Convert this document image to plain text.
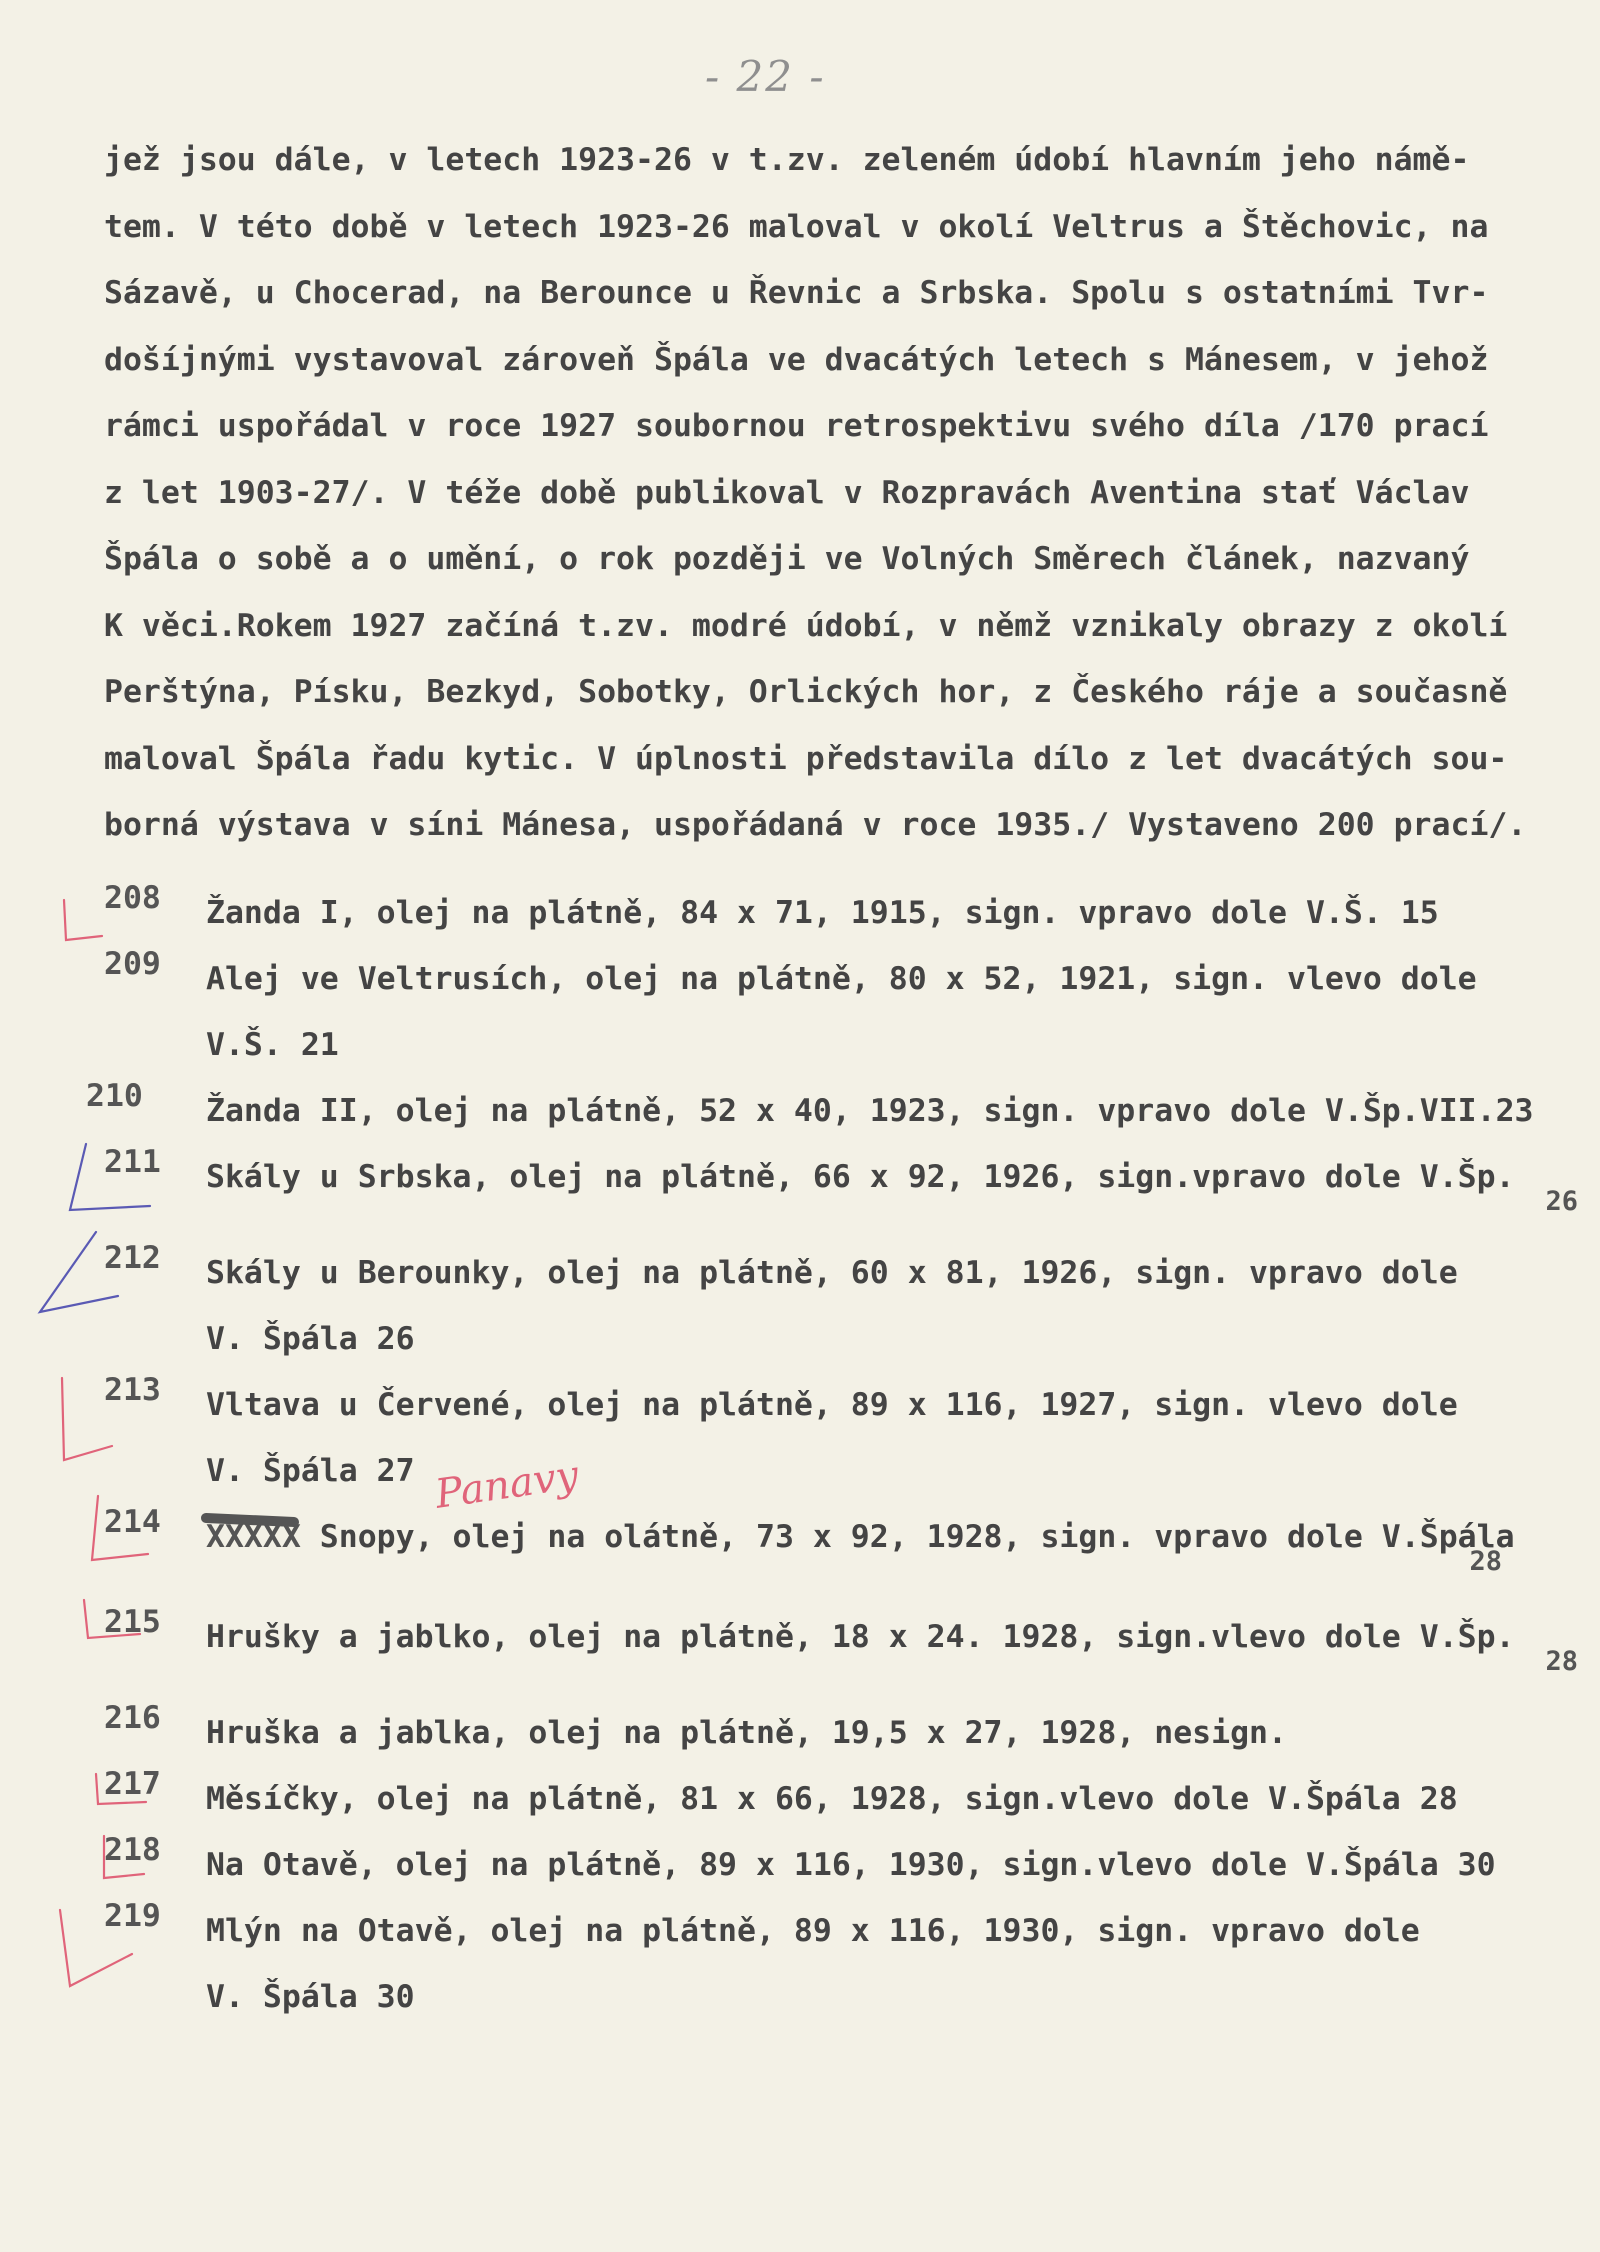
- 22 -
jež jsou dále, v letech 1923-26 v t.zv. zeleném údobí hlavním jeho námě-
tem. V této době v letech 1923-26 maloval v okolí Veltrus a Štěchovic, na
Sázavě, u Chocerad, na Berounce u Řevnic a Srbska. Spolu s ostatními Tvr-
došíjnými vystavoval zároveň Špála ve dvacátých letech s Mánesem, v jehož
rámci uspořádal v roce 1927 soubornou retrospektivu svého díla /170 prací
z let 1903-27/. V téže době publikoval v Rozpravách Aventina stať Václav
Špála o sobě a o umění, o rok později ve Volných Směrech článek, nazvaný
K věci.Rokem 1927 začíná t.zv. modré údobí, v němž vznikaly obrazy z okolí
Perštýna, Písku, Bezkyd, Sobotky, Orlických hor, z Českého ráje a současně
maloval Špála řadu kytic. V úplnosti představila dílo z let dvacátých sou-
borná výstava v síni Mánesa, uspořádaná v roce 1935./ Vystaveno 200 prací/.
208 Žanda I, olej na plátně, 84 x 71, 1915, sign. vpravo dole V.Š. 15
209 Alej ve Veltrusích, olej na plátně, 80 x 52, 1921, sign. vlevo dole
V.Š. 21
210 Žanda II, olej na plátně, 52 x 40, 1923, sign. vpravo dole V.Šp.VII.23
211 Skály u Srbska, olej na plátně, 66 x 92, 1926, sign.vpravo dole V.Šp.
26
212 Skály u Berounky, olej na plátně, 60 x 81, 1926, sign. vpravo dole
V. Špála 26
213 Vltava u Červené, olej na plátně, 89 x 116, 1927, sign. vlevo dole
V. Špála 27
214 XXXXX Snopy, olej na olátně, 73 x 92, 1928, sign. vpravo dole V.Špála
28
215 Hrušky a jablko, olej na plátně, 18 x 24. 1928, sign.vlevo dole V.Šp.
28
216 Hruška a jablka, olej na plátně, 19,5 x 27, 1928, nesign.
217 Měsíčky, olej na plátně, 81 x 66, 1928, sign.vlevo dole V.Špála 28
218 Na Otavě, olej na plátně, 89 x 116, 1930, sign.vlevo dole V.Špála 30
219 Mlýn na Otavě, olej na plátně, 89 x 116, 1930, sign. vpravo dole
V. Špála 30
Panavy
